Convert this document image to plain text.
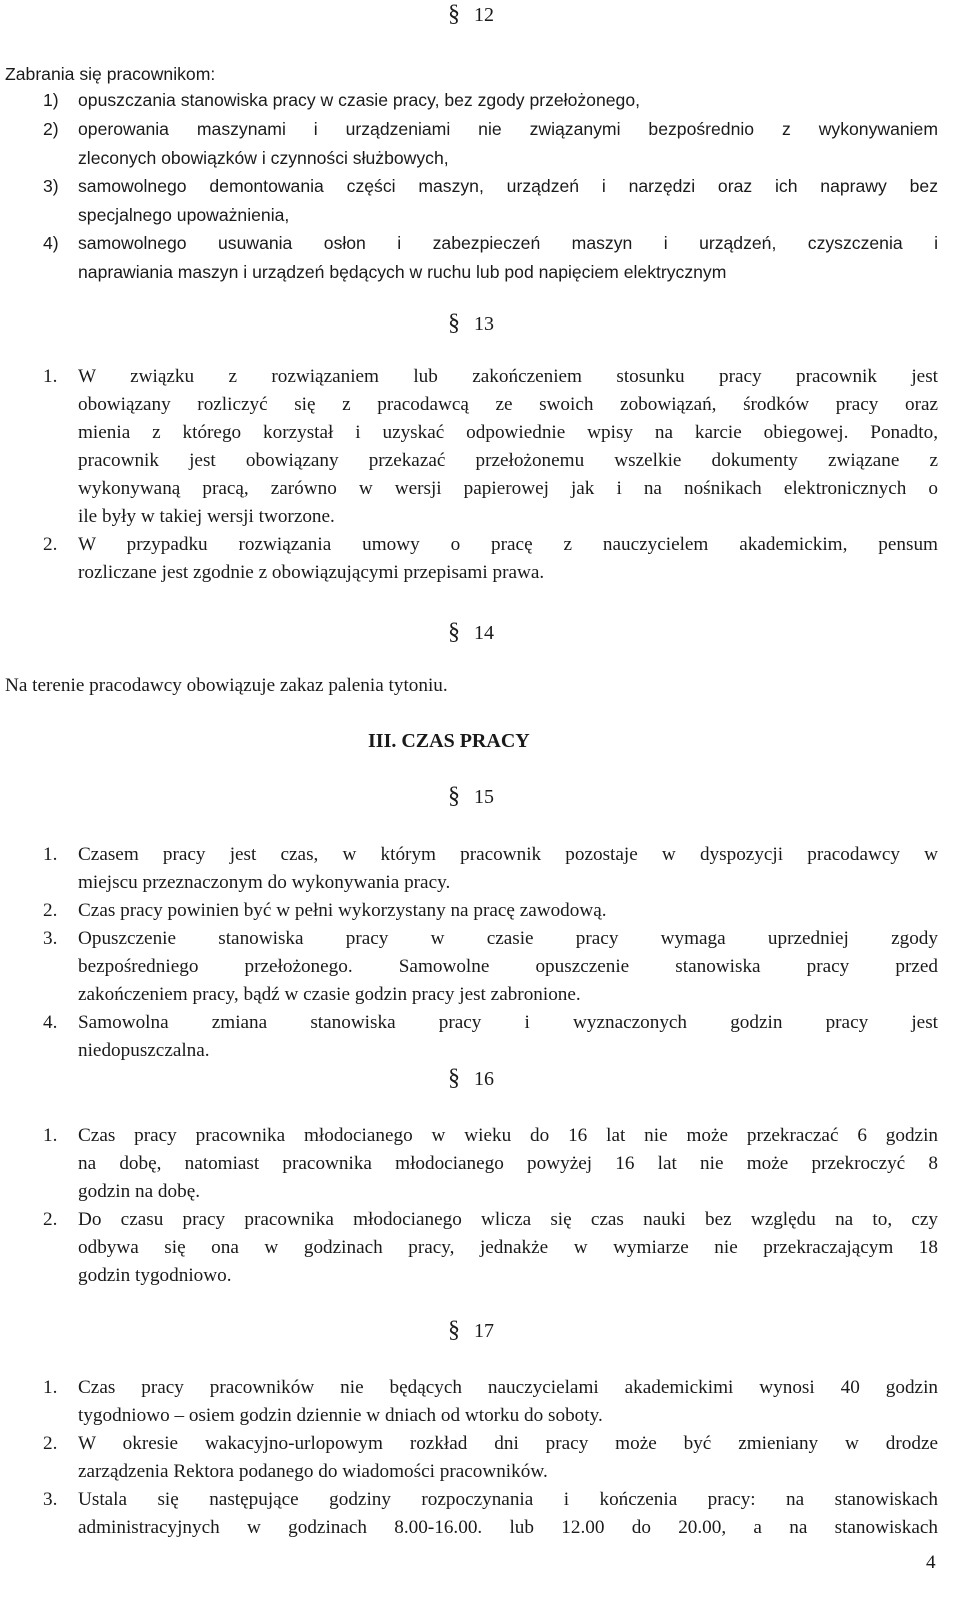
§ 12
Zabrania się pracownikom:
1) opuszczania stanowiska pracy w czasie pracy, bez zgody przełożonego,
2) operowania maszynami i urządzeniami nie związanymi bezpośrednio z wykonywaniem
zleconych obowiązków i czynności służbowych,
3) samowolnego demontowania części maszyn, urządzeń i narzędzi oraz ich naprawy bez
specjalnego upoważnienia,
4) samowolnego usuwania osłon i zabezpieczeń maszyn i urządzeń, czyszczenia i
naprawiania maszyn i urządzeń będących w ruchu lub pod napięciem elektrycznym
§ 13
1. W związku z rozwiązaniem lub zakończeniem stosunku pracy pracownik jest
obowiązany rozliczyć się z pracodawcą ze swoich zobowiązań, środków pracy oraz
mienia z którego korzystał i uzyskać odpowiednie wpisy na karcie obiegowej. Ponadto,
pracownik jest obowiązany przekazać przełożonemu wszelkie dokumenty związane z
wykonywaną pracą, zarówno w wersji papierowej jak i na nośnikach elektronicznych o
ile były w takiej wersji tworzone.
2. W przypadku rozwiązania umowy o pracę z nauczycielem akademickim, pensum
rozliczane jest zgodnie z obowiązującymi przepisami prawa.
§ 14
Na terenie pracodawcy obowiązuje zakaz palenia tytoniu.
III. CZAS PRACY
§ 15
1. Czasem pracy jest czas, w którym pracownik pozostaje w dyspozycji pracodawcy w
miejscu przeznaczonym do wykonywania pracy.
2. Czas pracy powinien być w pełni wykorzystany na pracę zawodową.
3. Opuszczenie stanowiska pracy w czasie pracy wymaga uprzedniej zgody
bezpośredniego przełożonego. Samowolne opuszczenie stanowiska pracy przed
zakończeniem pracy, bądź w czasie godzin pracy jest zabronione.
4. Samowolna zmiana stanowiska pracy i wyznaczonych godzin pracy jest
niedopuszczalna.
§ 16
1. Czas pracy pracownika młodocianego w wieku do 16 lat nie może przekraczać 6 godzin
na dobę, natomiast pracownika młodocianego powyżej 16 lat nie może przekroczyć 8
godzin na dobę.
2. Do czasu pracy pracownika młodocianego wlicza się czas nauki bez względu na to, czy
odbywa się ona w godzinach pracy, jednakże w wymiarze nie przekraczającym 18
godzin tygodniowo.
§ 17
1. Czas pracy pracowników nie będących nauczycielami akademickimi wynosi 40 godzin
tygodniowo – osiem godzin dziennie w dniach od wtorku do soboty.
2. W okresie wakacyjno-urlopowym rozkład dni pracy może być zmieniany w drodze
zarządzenia Rektora podanego do wiadomości pracowników.
3. Ustala się następujące godziny rozpoczynania i kończenia pracy: na stanowiskach
administracyjnych w godzinach 8.00-16.00. lub 12.00 do 20.00, a na stanowiskach
4
